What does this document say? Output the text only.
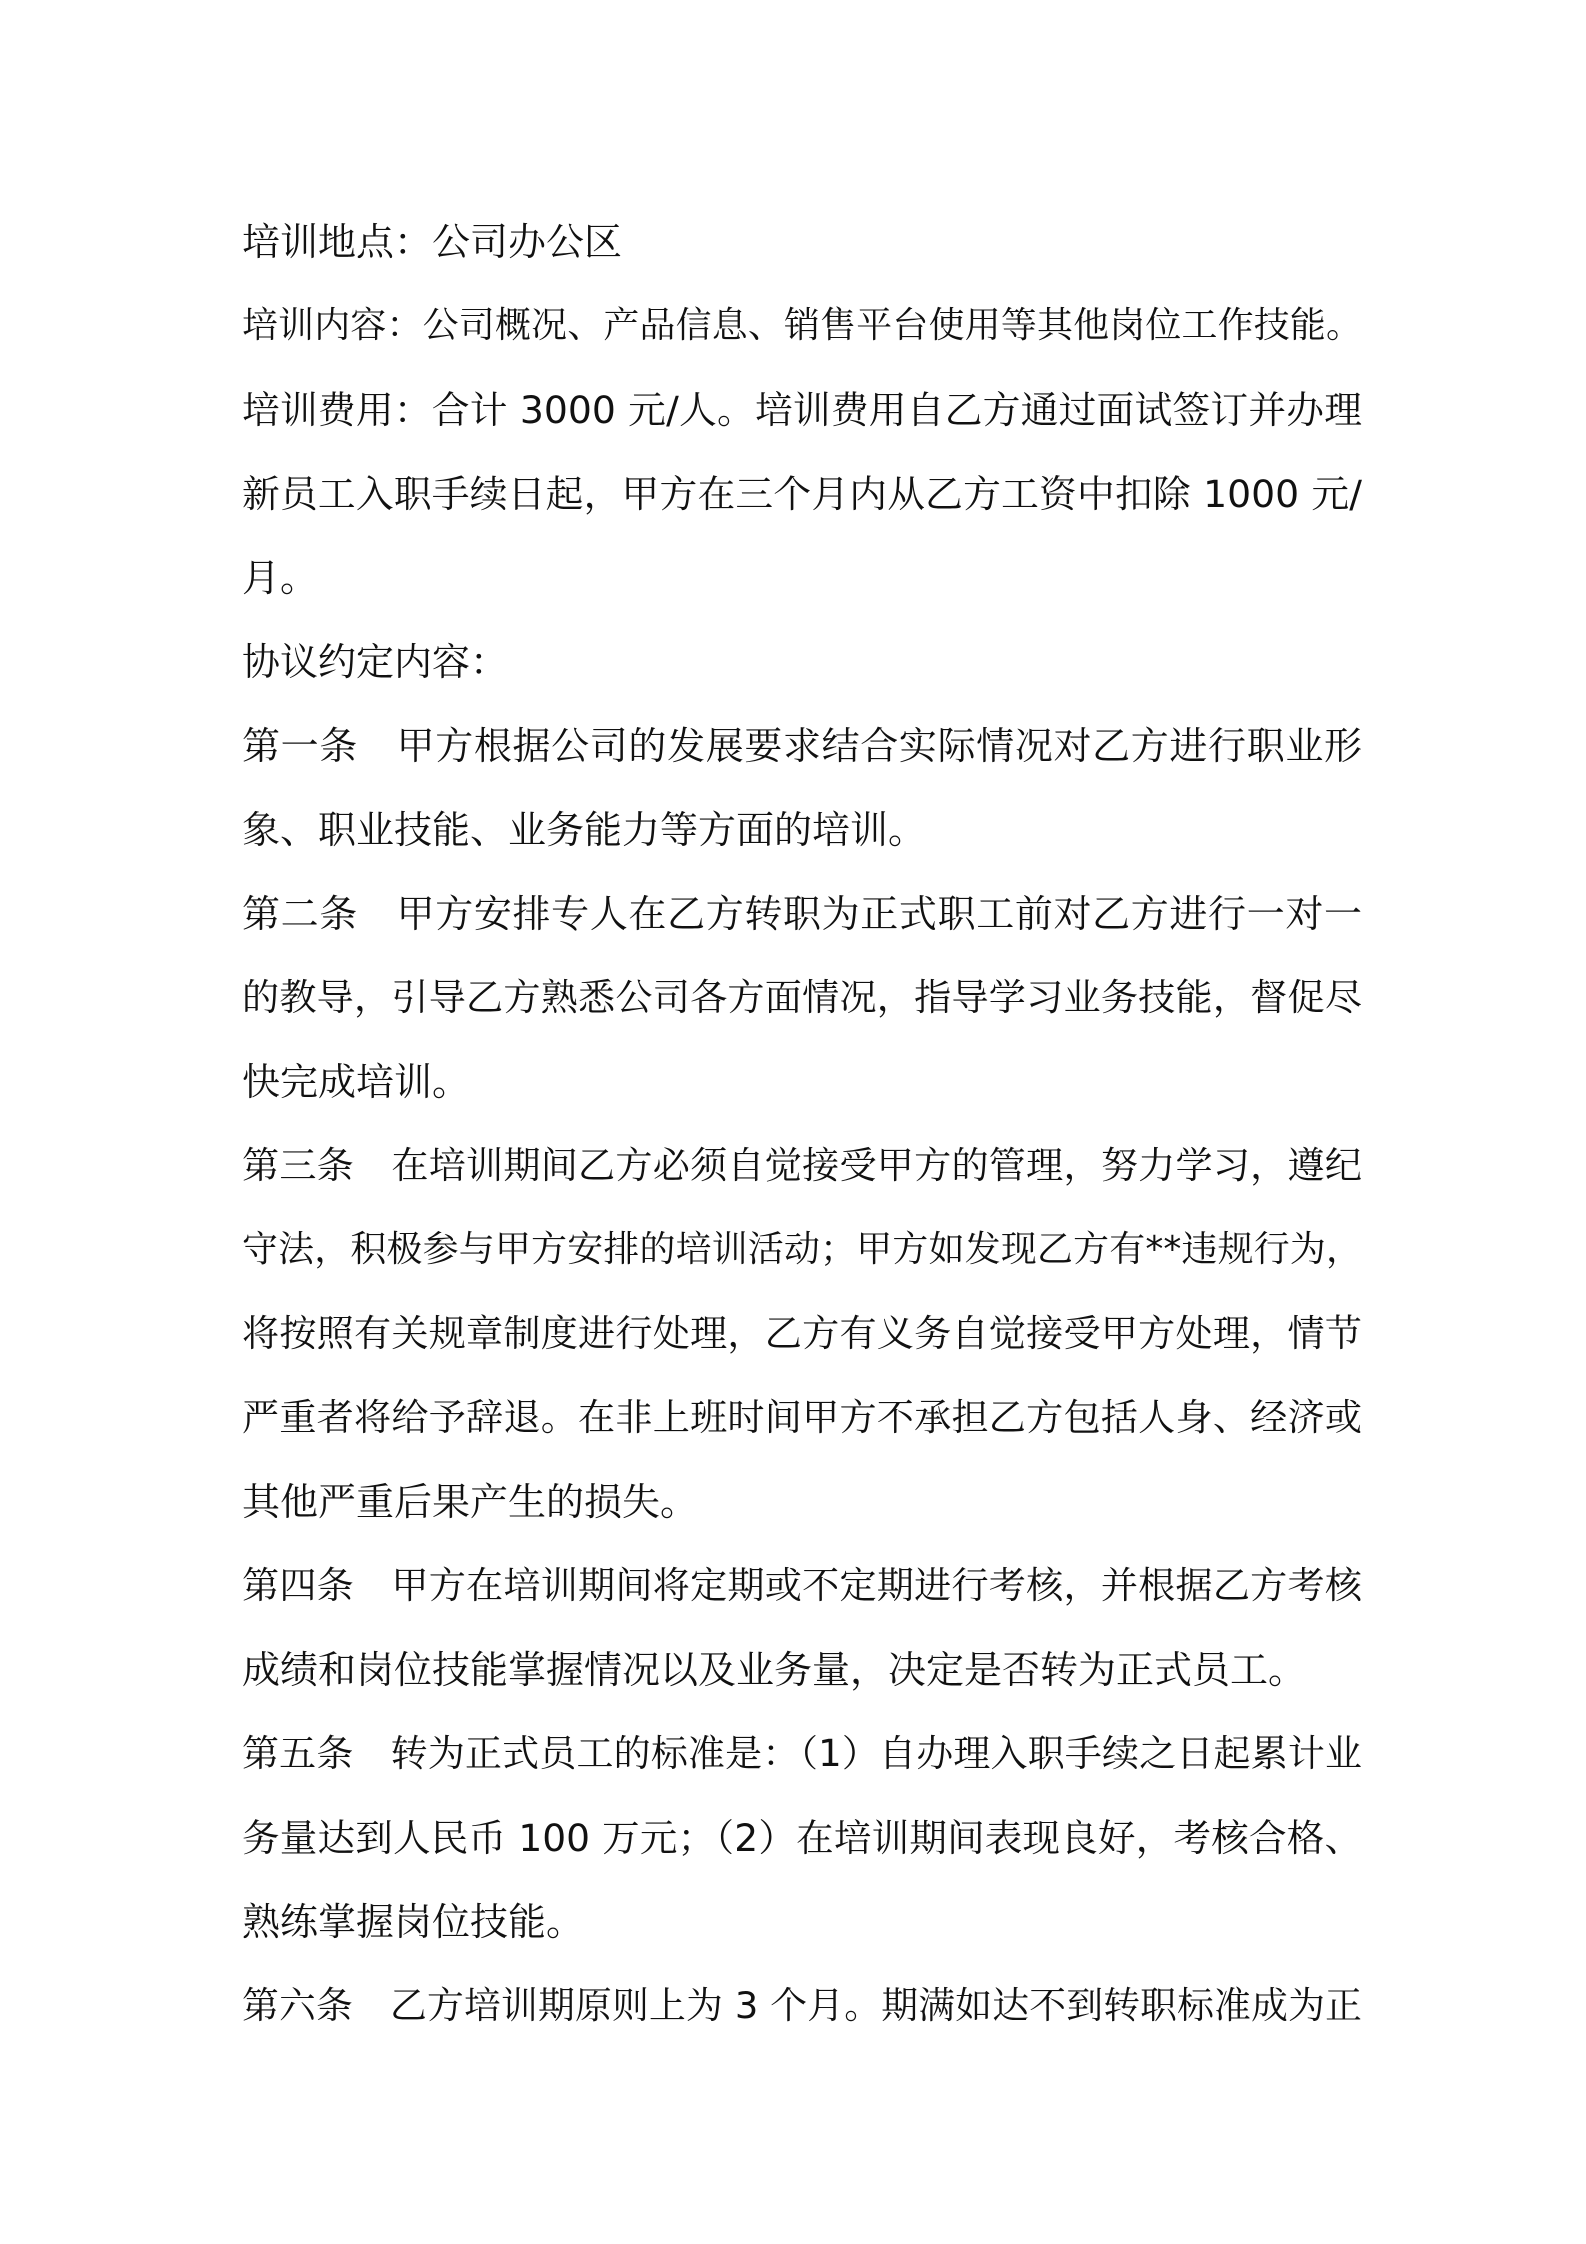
培训地点：公司办公区
培训内容：公司概况、产品信息、销售平台使用等其他岗位工作技能。
培训费用：合计 3000 元/人。培训费用自乙方通过面试签订并办理
新员工入职手续日起，甲方在三个月内从乙方工资中扣除 1000 元/
月。
协议约定内容：
第一条　甲方根据公司的发展要求结合实际情况对乙方进行职业形
象、职业技能、业务能力等方面的培训。
第二条　甲方安排专人在乙方转职为正式职工前对乙方进行一对一
的教导，引导乙方熟悉公司各方面情况，指导学习业务技能，督促尽
快完成培训。
第三条　在培训期间乙方必须自觉接受甲方的管理，努力学习，遵纪
守法，积极参与甲方安排的培训活动；甲方如发现乙方有**违规行为，
将按照有关规章制度进行处理，乙方有义务自觉接受甲方处理，情节
严重者将给予辞退。在非上班时间甲方不承担乙方包括人身、经济或
其他严重后果产生的损失。
第四条　甲方在培训期间将定期或不定期进行考核，并根据乙方考核
成绩和岗位技能掌握情况以及业务量，决定是否转为正式员工。
第五条　转为正式员工的标准是：（1）自办理入职手续之日起累计业
务量达到人民币 100 万元；（2）在培训期间表现良好，考核合格、
熟练掌握岗位技能。
第六条　乙方培训期原则上为 3 个月。期满如达不到转职标准成为正
